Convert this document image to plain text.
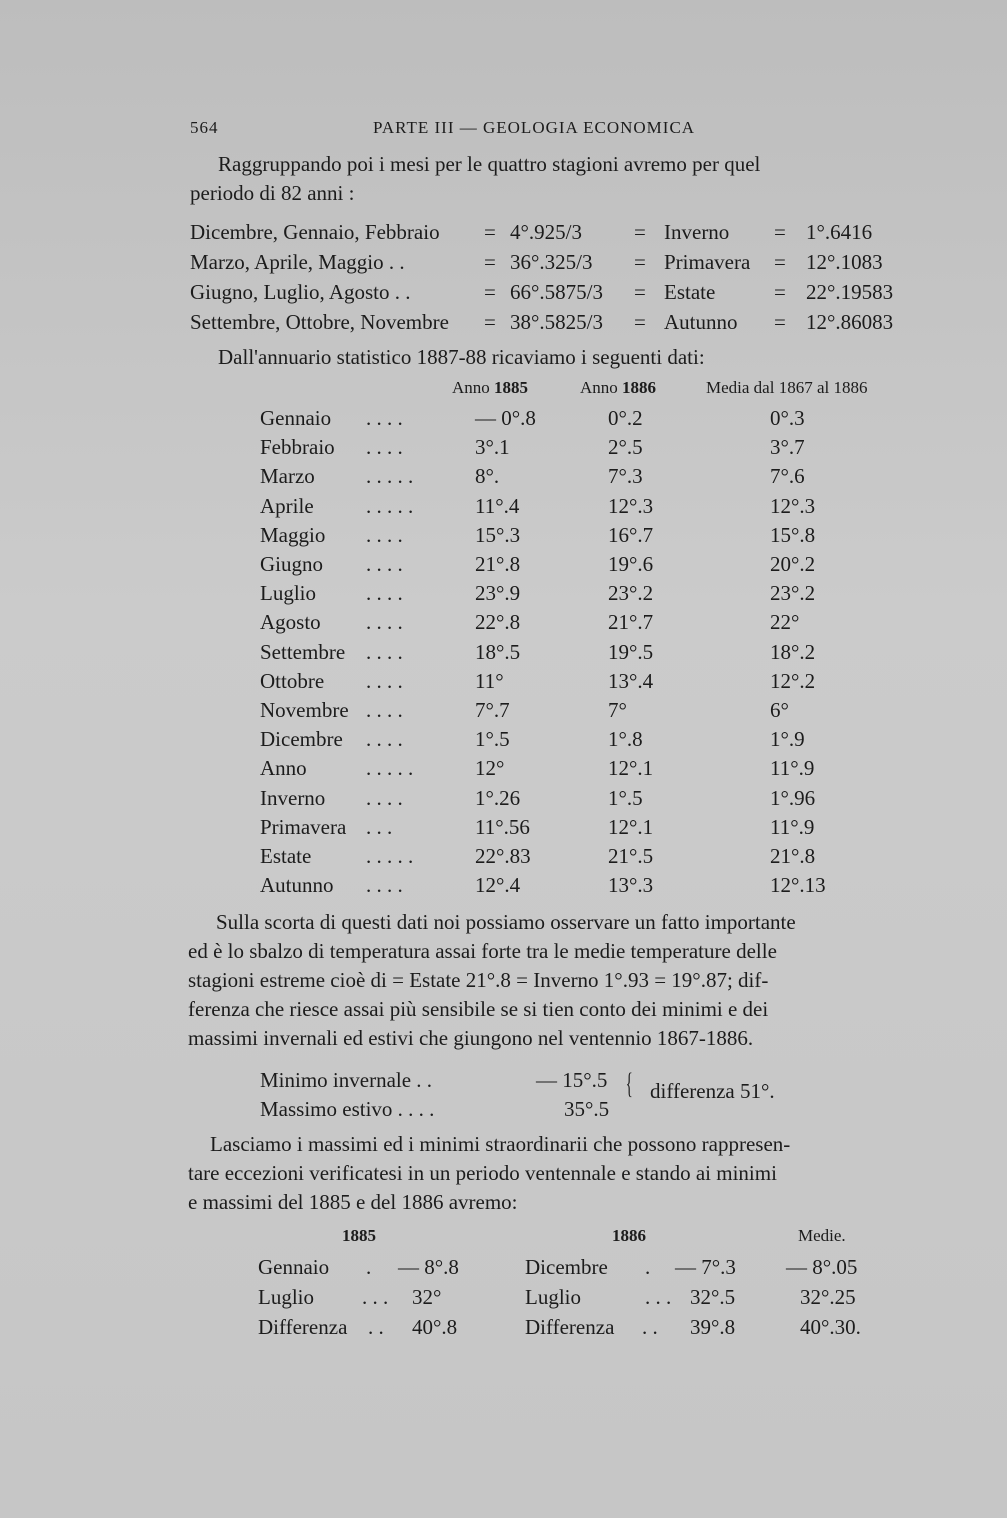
564	PARTE III — GEOLOGIA ECONOMICA
Raggruppando poi i mesi per le quattro stagioni avremo per quel
periodo di 82 anni :
Dicembre, Gennaio, Febbraio = 4°.925/3 = Inverno = 1°.6416
Marzo, Aprile, Maggio . .	= 36°.325/3 = Primavera = 12°.1083
Giugno, Luglio, Agosto . .	= 66°.5875/3 = Estate	= 22°.19583
Settembre, Ottobre, Novembre = 38°.5825/3 = Autunno = 12°.86083
Dall'annuario statistico 1887-88 ricaviamo i seguenti dati:
Anno 1885	Anno 1886	Media dal 1867 al 1886
Gennaio . . . .	— 0°.8	0°.2	0°.3
Febbraio . . . .	3°.1	2°.5	3°.7
Marzo . . . . .	8°.	7°.3	7°.6
Aprile . . . . .	11°.4	12°.3	12°.3
Maggio . . . .	15°.3	16°.7	15°.8
Giugno . . . .	21°.8	19°.6	20°.2
Luglio . . . .	23°.9	23°.2	23°.2
Agosto . . . .	22°.8	21°.7	22°
Settembre . . . .	18°.5	19°.5	18°.2
Ottobre . . . .	11°	13°.4	12°.2
Novembre . . . .	7°.7	7°	6°
Dicembre . . . .	1°.5	1°.8	1°.9
Anno	. . . . .	12°	12°.1	11°.9
Inverno . . . .	1°.26	1°.5	1°.96
Primavera . . .	11°.56	12°.1	11°.9
Estate	. . . . .	22°.83	21°.5	21°.8
Autunno . . . .	12°.4	13°.3	12°.13
Sulla scorta di questi dati noi possiamo osservare un fatto importante
ed è lo sbalzo di temperatura assai forte tra le medie temperature delle
stagioni estreme cioè di = Estate 21°.8 = Inverno 1°.93 = 19°.87; dif-
ferenza che riesce assai più sensibile se si tien conto dei minimi e dei
massimi invernali ed estivi che giungono nel ventennio 1867-1886.
Minimo invernale . .	— 15°.5
Massimo estivo . . . .	35°.5
{ differenza 51°.
Lasciamo i massimi ed i minimi straordinarii che possono rappresen-
tare eccezioni verificatesi in un periodo ventennale e stando ai minimi
e massimi del 1885 e del 1886 avremo:
1885	1886	Medie.
Gennaio . — 8°.8	Dicembre . — 7°.3 — 8°.05
Luglio . . . 32°	Luglio	. . . 32°.5	32°.25
Differenza . . 40°.8	Differenza . . 39°.8	40°.30.
